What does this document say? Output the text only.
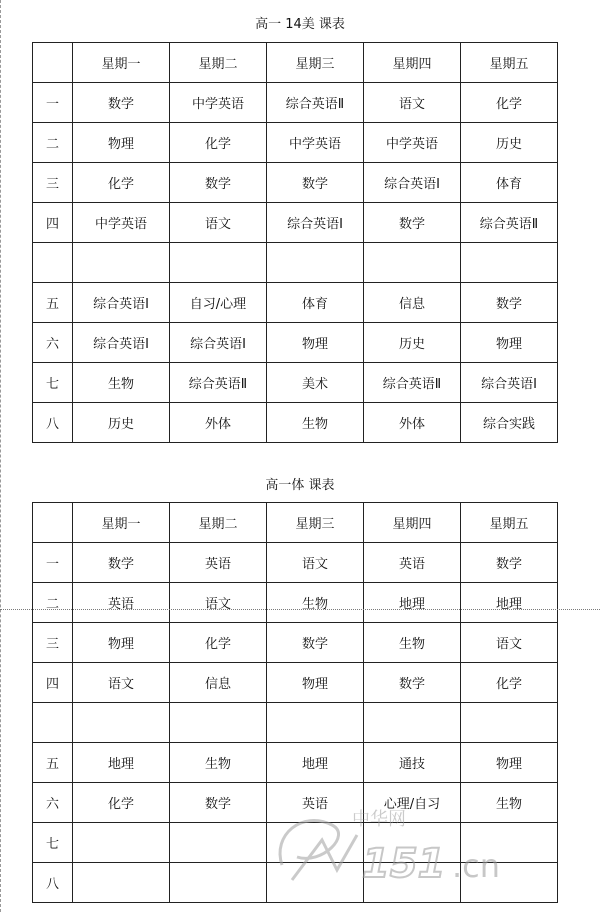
高一 14美 课表
	星期一	星期二	星期三	星期四	星期五
一	数学	中学英语	综合英语Ⅱ	语文	化学
二	物理	化学	中学英语	中学英语	历史
三	化学	数学	数学	综合英语Ⅰ	体育
四	中学英语	语文	综合英语Ⅰ	数学	综合英语Ⅱ

五	综合英语Ⅰ	自习/心理	体育	信息	数学
六	综合英语Ⅰ	综合英语Ⅰ	物理	历史	物理
七	生物	综合英语Ⅱ	美术	综合英语Ⅱ	综合英语Ⅰ
八	历史	外体	生物	外体	综合实践
高一体 课表
	星期一	星期二	星期三	星期四	星期五
一	数学	英语	语文	英语	数学
二	英语	语文	生物	地理	地理
三	物理	化学	数学	生物	语文
四	语文	信息	物理	数学	化学

五	地理	生物	地理	通技	物理
六	化学	数学	英语	心理/自习	生物
七					
八					
中华网
151 .cn
